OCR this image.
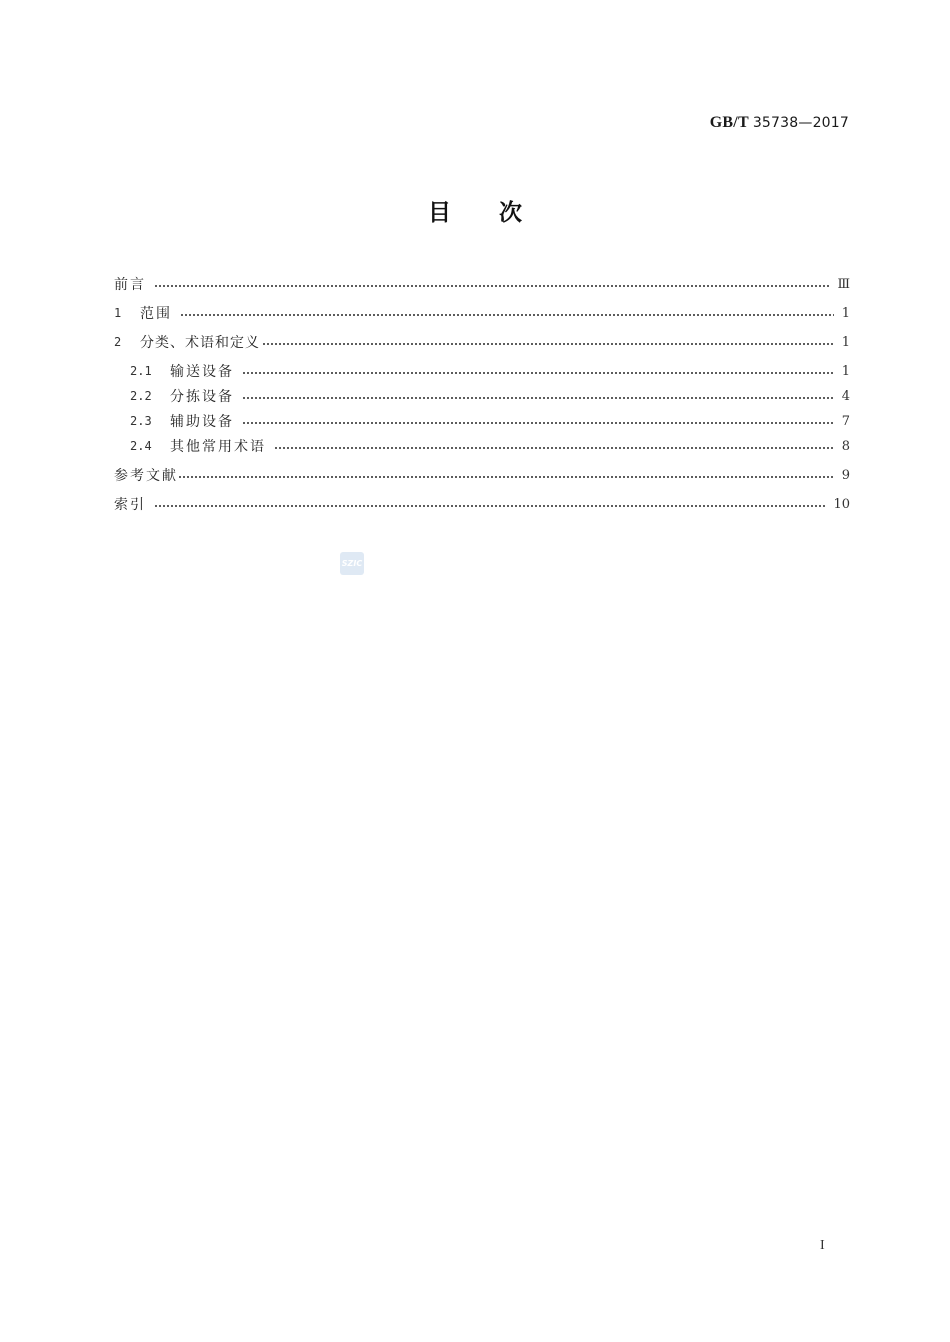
GB/T 35738—2017
目 次
前言	Ⅲ
1	范围	1
2	分类、术语和定义	1
2.1	输送设备	1
2.2	分拣设备	4
2.3	辅助设备	7
2.4	其他常用术语	8
参考文献	9
索引	10
SZIC
I
